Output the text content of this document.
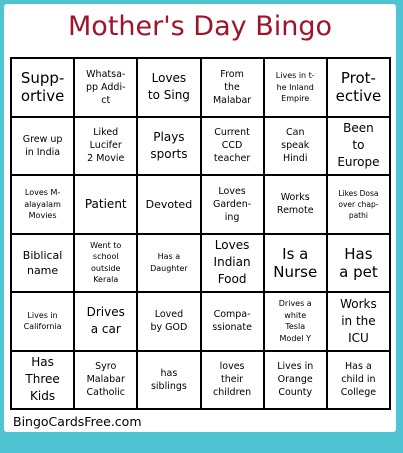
Mother's Day Bingo
Supp-
ortive
Whatsa-
pp Addi-
ct
Loves
to Sing
From
the
Malabar
Lives in t-
he Inland
Empire
Prot-
ective
Grew up
in India
Liked
Lucifer
2 Movie
Plays
sports
Current
CCD
teacher
Can
speak
Hindi
Been
to
Europe
Loves M-
alayalam
Movies
Patient Devoted
Loves
Garden-
ing
Works
Remote
Likes Dosa
over chap-
pathi
Biblical
name
Went to
school
outside
Kerala
Has a
Daughter
Loves
Indian
Food
Is a
Nurse
Has
a pet
Lives in
California
Drives
a car
Loved
by GOD
Compa-
ssionate
Drives a
white
Tesla
Model Y
Works
in the
ICU
Has
Three
Kids
Syro
Malabar
Catholic
has
siblings
loves
their
children
Lives in
Orange
County
Has a
child in
College
BingoCardsFree.com
